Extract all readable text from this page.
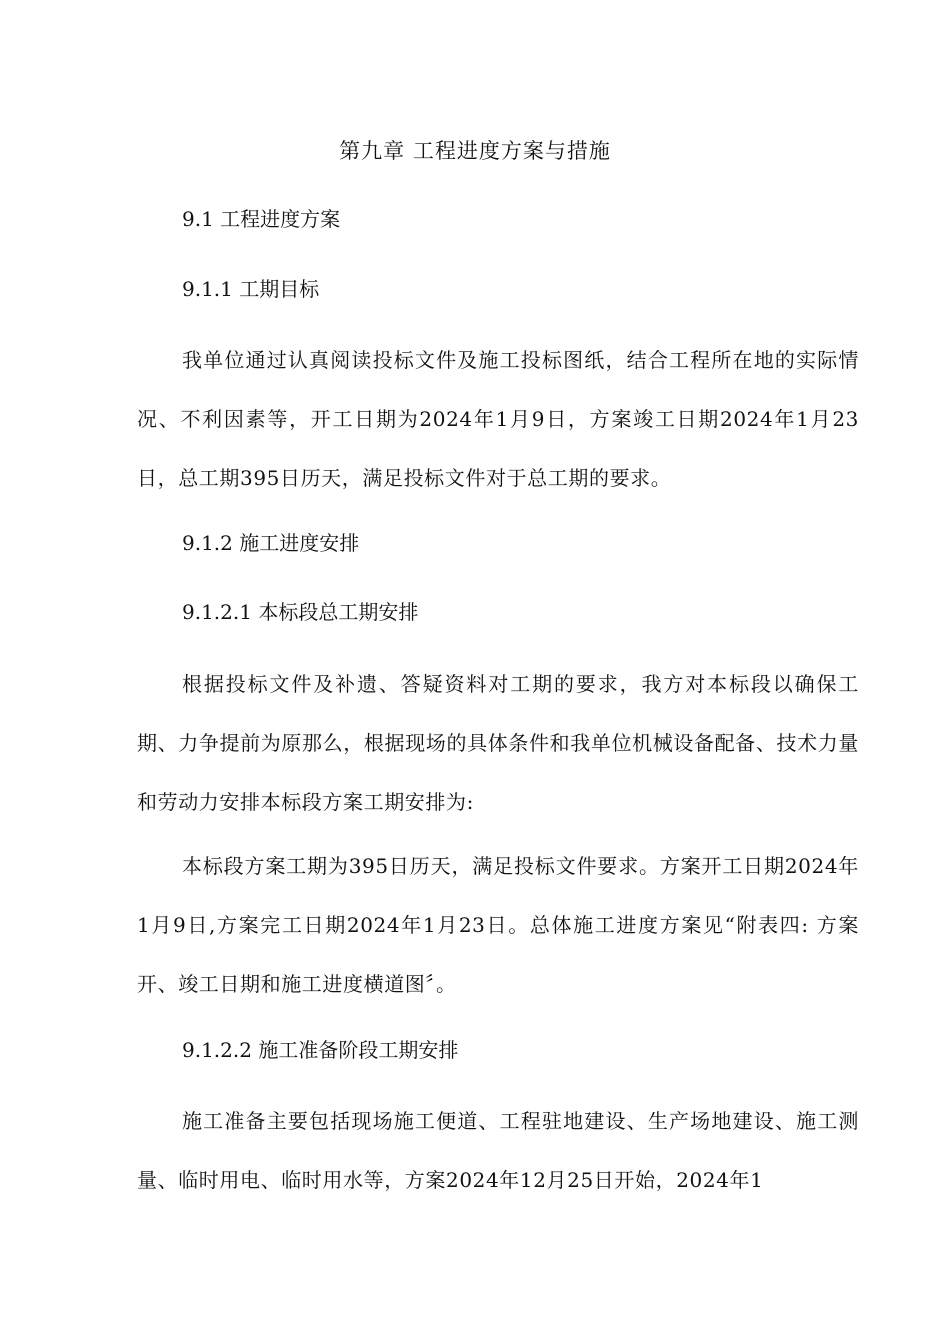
第九章 工程进度方案与措施
9.1 工程进度方案
9.1.1 工期目标

我单位通过认真阅读投标文件及施工投标图纸，结合工程所在地的实际情况、不利因素等，开工日期为2024年1月9日，方案竣工日期2024年1月23日，总工期395日历天，满足投标文件对于总工期的要求。

9.1.2 施工进度安排
9.1.2.1 本标段总工期安排

根据投标文件及补遗、答疑资料对工期的要求，我方对本标段以确保工期、力争提前为原那么，根据现场的具体条件和我单位机械设备配备、技术力量和劳动力安排本标段方案工期安排为:

本标段方案工期为395日历天，满足投标文件要求。方案开工日期2024年1月9日,方案完工日期2024年1月23日。总体施工进度方案见“附表四: 方案开、竣工日期和施工进度横道图〞。

9.1.2.2 施工准备阶段工期安排

施工准备主要包括现场施工便道、工程驻地建设、生产场地建设、施工测量、临时用电、临时用水等，方案2024年12月25日开始，2024年1
